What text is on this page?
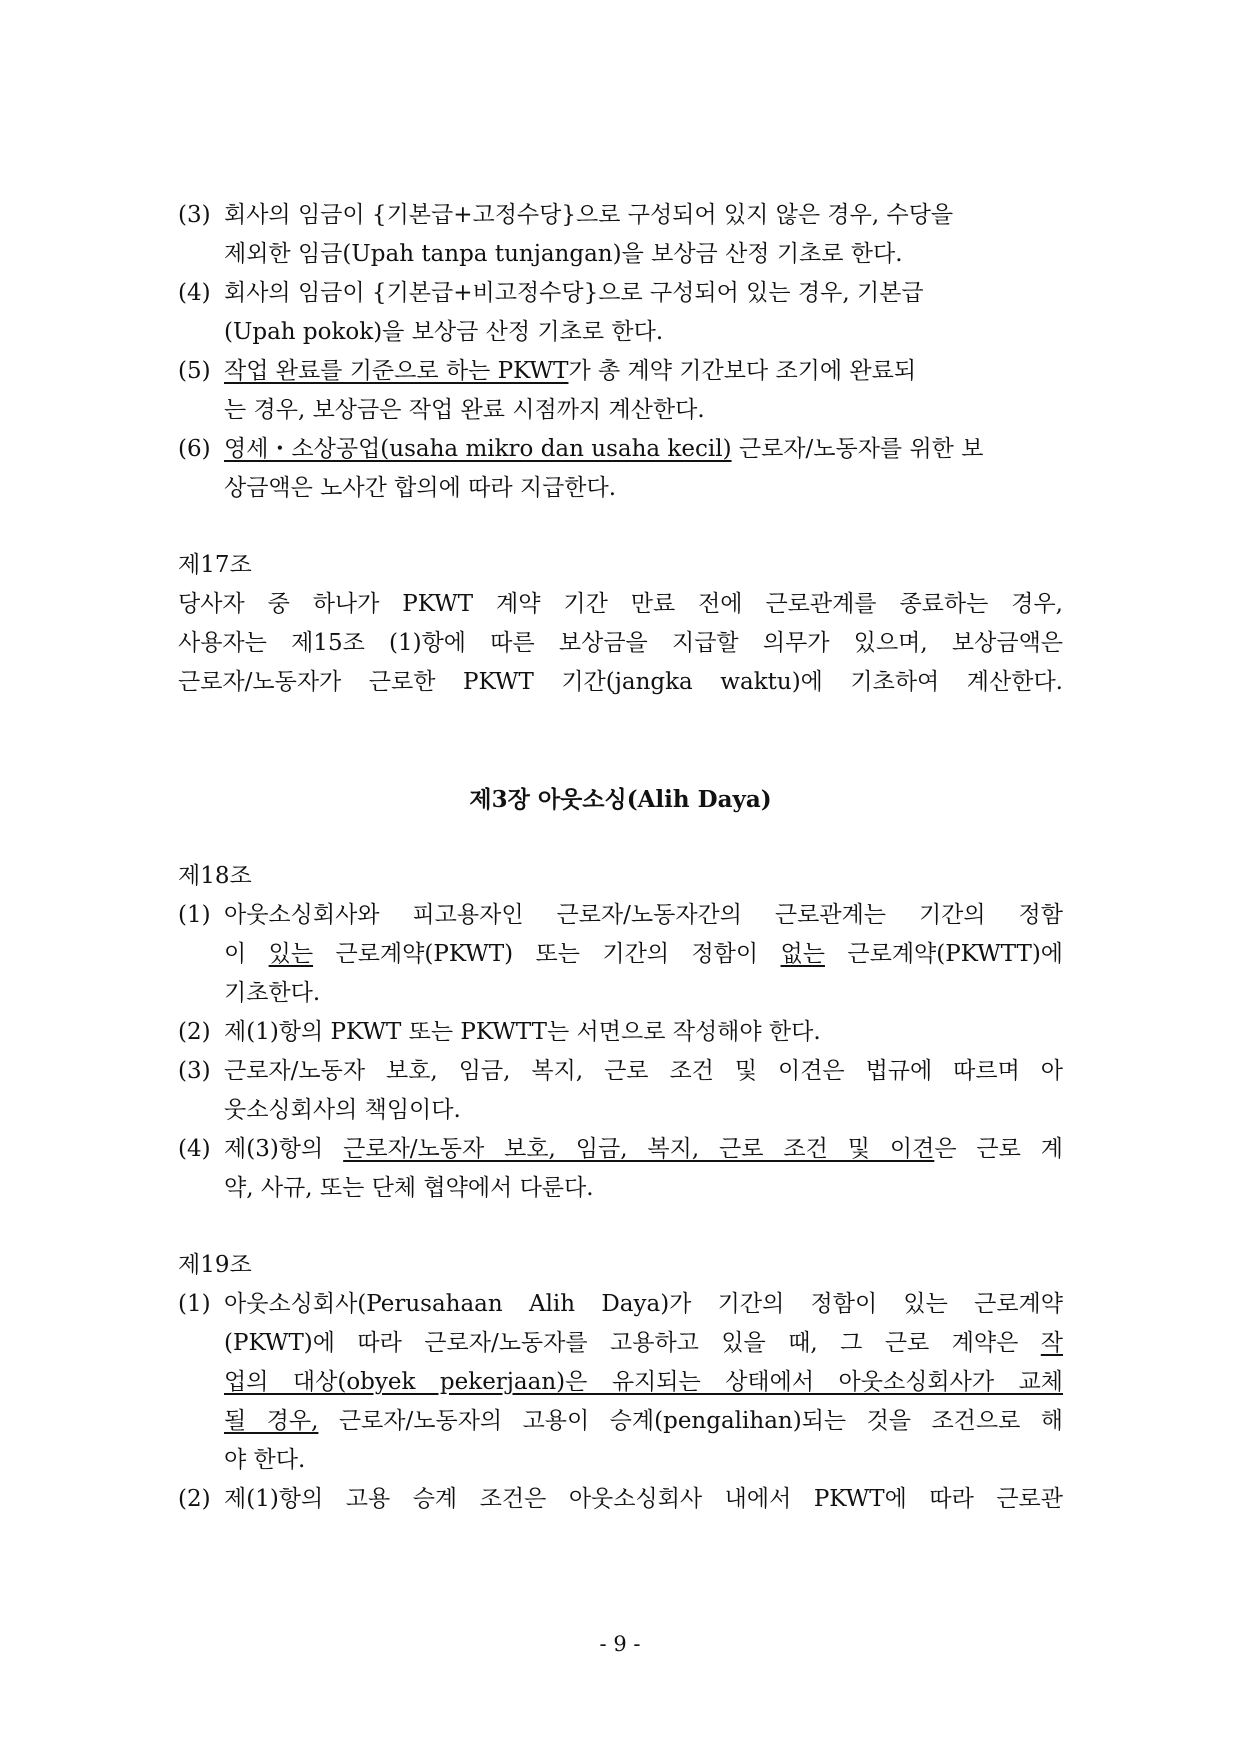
(3) 회사의 임금이 {기본급+고정수당}으로 구성되어 있지 않은 경우, 수당을
제외한 임금(Upah tanpa tunjangan)을 보상금 산정 기초로 한다.
(4) 회사의 임금이 {기본급+비고정수당}으로 구성되어 있는 경우, 기본급
(Upah pokok)을 보상금 산정 기초로 한다.
(5) 작업 완료를 기준으로 하는 PKWT가 총 계약 기간보다 조기에 완료되
는 경우, 보상금은 작업 완료 시점까지 계산한다.
(6) 영세・소상공업(usaha mikro dan usaha kecil) 근로자/노동자를 위한 보
상금액은 노사간 합의에 따라 지급한다.
제17조
당사자 중 하나가 PKWT 계약 기간 만료 전에 근로관계를 종료하는 경우,
사용자는 제15조 (1)항에 따른 보상금을 지급할 의무가 있으며, 보상금액은
근로자/노동자가 근로한 PKWT 기간(jangka waktu)에 기초하여 계산한다.
제3장 아웃소싱(Alih Daya)
제18조
(1) 아웃소싱회사와 피고용자인 근로자/노동자간의 근로관계는 기간의 정함
이 있는 근로계약(PKWT) 또는 기간의 정함이 없는 근로계약(PKWTT)에
기초한다.
(2) 제(1)항의 PKWT 또는 PKWTT는 서면으로 작성해야 한다.
(3) 근로자/노동자 보호, 임금, 복지, 근로 조건 및 이견은 법규에 따르며 아
웃소싱회사의 책임이다.
(4) 제(3)항의 근로자/노동자 보호, 임금, 복지, 근로 조건 및 이견은 근로 계
약, 사규, 또는 단체 협약에서 다룬다.
제19조
(1) 아웃소싱회사(Perusahaan Alih Daya)가 기간의 정함이 있는 근로계약
(PKWT)에 따라 근로자/노동자를 고용하고 있을 때, 그 근로 계약은 작
업의 대상(obyek pekerjaan)은 유지되는 상태에서 아웃소싱회사가 교체
될 경우, 근로자/노동자의 고용이 승계(pengalihan)되는 것을 조건으로 해
야 한다.
(2) 제(1)항의 고용 승계 조건은 아웃소싱회사 내에서 PKWT에 따라 근로관
- 9 -
